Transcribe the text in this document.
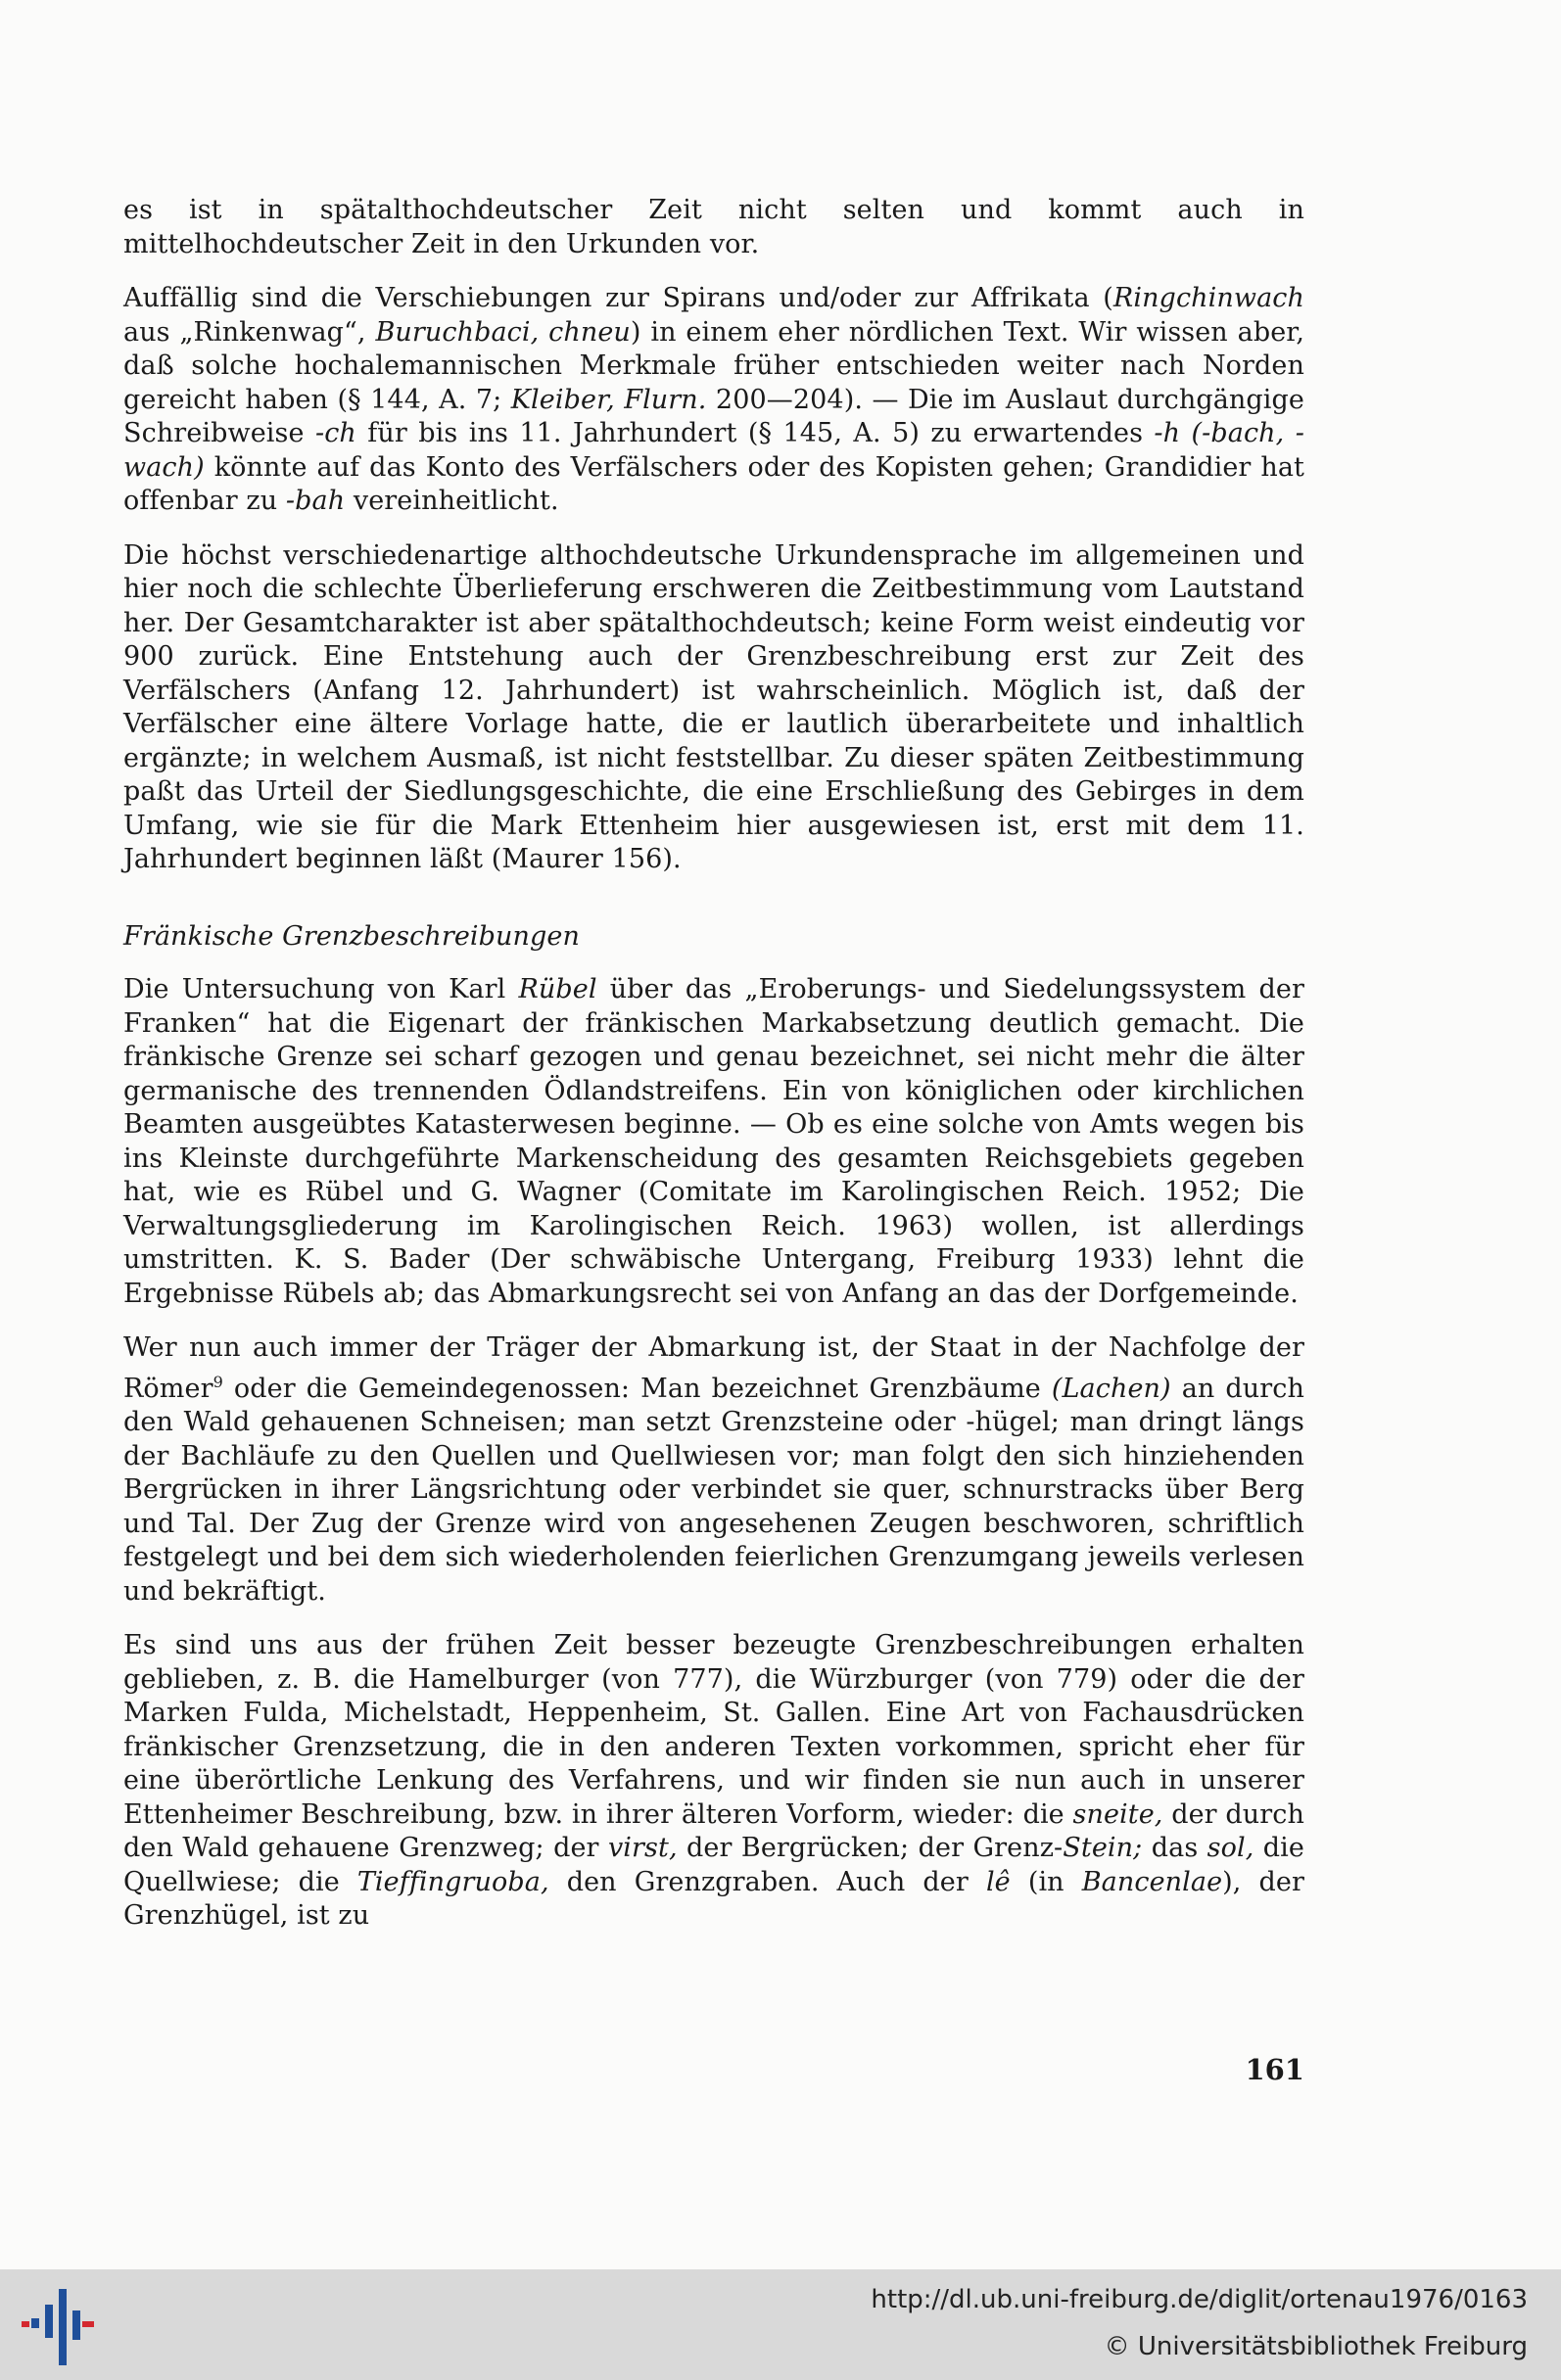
es ist in spätalthochdeutscher Zeit nicht selten und kommt auch in mittelhochdeutscher Zeit in den Urkunden vor.

Auffällig sind die Verschiebungen zur Spirans und/oder zur Affrikata (Ringchinwach aus „Rinkenwag“, Buruchbaci, chneu) in einem eher nördlichen Text. Wir wissen aber, daß solche hochalemannischen Merkmale früher entschieden weiter nach Norden gereicht haben (§ 144, A. 7; Kleiber, Flurn. 200—204). — Die im Auslaut durchgängige Schreibweise -ch für bis ins 11. Jahrhundert (§ 145, A. 5) zu erwartendes -h (-bach, -wach) könnte auf das Konto des Verfälschers oder des Kopisten gehen; Grandidier hat offenbar zu -bah vereinheitlicht.

Die höchst verschiedenartige althochdeutsche Urkundensprache im allgemeinen und hier noch die schlechte Überlieferung erschweren die Zeitbestimmung vom Lautstand her. Der Gesamtcharakter ist aber spätalthochdeutsch; keine Form weist eindeutig vor 900 zurück. Eine Entstehung auch der Grenzbeschreibung erst zur Zeit des Verfälschers (Anfang 12. Jahrhundert) ist wahrscheinlich. Möglich ist, daß der Verfälscher eine ältere Vorlage hatte, die er lautlich überarbeitete und inhaltlich ergänzte; in welchem Ausmaß, ist nicht feststellbar. Zu dieser späten Zeitbestimmung paßt das Urteil der Siedlungsgeschichte, die eine Erschließung des Gebirges in dem Umfang, wie sie für die Mark Ettenheim hier ausgewiesen ist, erst mit dem 11. Jahrhundert beginnen läßt (Maurer 156).

Fränkische Grenzbeschreibungen

Die Untersuchung von Karl Rübel über das „Eroberungs- und Siedelungssystem der Franken“ hat die Eigenart der fränkischen Markabsetzung deutlich gemacht. Die fränkische Grenze sei scharf gezogen und genau bezeichnet, sei nicht mehr die älter germanische des trennenden Ödlandstreifens. Ein von königlichen oder kirchlichen Beamten ausgeübtes Katasterwesen beginne. — Ob es eine solche von Amts wegen bis ins Kleinste durchgeführte Markenscheidung des gesamten Reichsgebiets gegeben hat, wie es Rübel und G. Wagner (Comitate im Karolingischen Reich. 1952; Die Verwaltungsgliederung im Karolingischen Reich. 1963) wollen, ist allerdings umstritten. K. S. Bader (Der schwäbische Untergang, Freiburg 1933) lehnt die Ergebnisse Rübels ab; das Abmarkungsrecht sei von Anfang an das der Dorfgemeinde.

Wer nun auch immer der Träger der Abmarkung ist, der Staat in der Nachfolge der Römer$^9$ oder die Gemeindegenossen: Man bezeichnet Grenzbäume (Lachen) an durch den Wald gehauenen Schneisen; man setzt Grenzsteine oder -hügel; man dringt längs der Bachläufe zu den Quellen und Quellwiesen vor; man folgt den sich hinziehenden Bergrücken in ihrer Längsrichtung oder verbindet sie quer, schnurstracks über Berg und Tal. Der Zug der Grenze wird von angesehenen Zeugen beschworen, schriftlich festgelegt und bei dem sich wiederholenden feierlichen Grenzumgang jeweils verlesen und bekräftigt.

Es sind uns aus der frühen Zeit besser bezeugte Grenzbeschreibungen erhalten geblieben, z. B. die Hamelburger (von 777), die Würzburger (von 779) oder die der Marken Fulda, Michelstadt, Heppenheim, St. Gallen. Eine Art von Fachausdrücken fränkischer Grenzsetzung, die in den anderen Texten vorkommen, spricht eher für eine überörtliche Lenkung des Verfahrens, und wir finden sie nun auch in unserer Ettenheimer Beschreibung, bzw. in ihrer älteren Vorform, wieder: die sneite, der durch den Wald gehauene Grenzweg; der virst, der Bergrücken; der Grenz-Stein; das sol, die Quellwiese; die Tieffingruoba, den Grenzgraben. Auch der lê (in Bancenlae), der Grenzhügel, ist zu

161
http://dl.ub.uni-freiburg.de/diglit/ortenau1976/0163
© Universitätsbibliothek Freiburg
